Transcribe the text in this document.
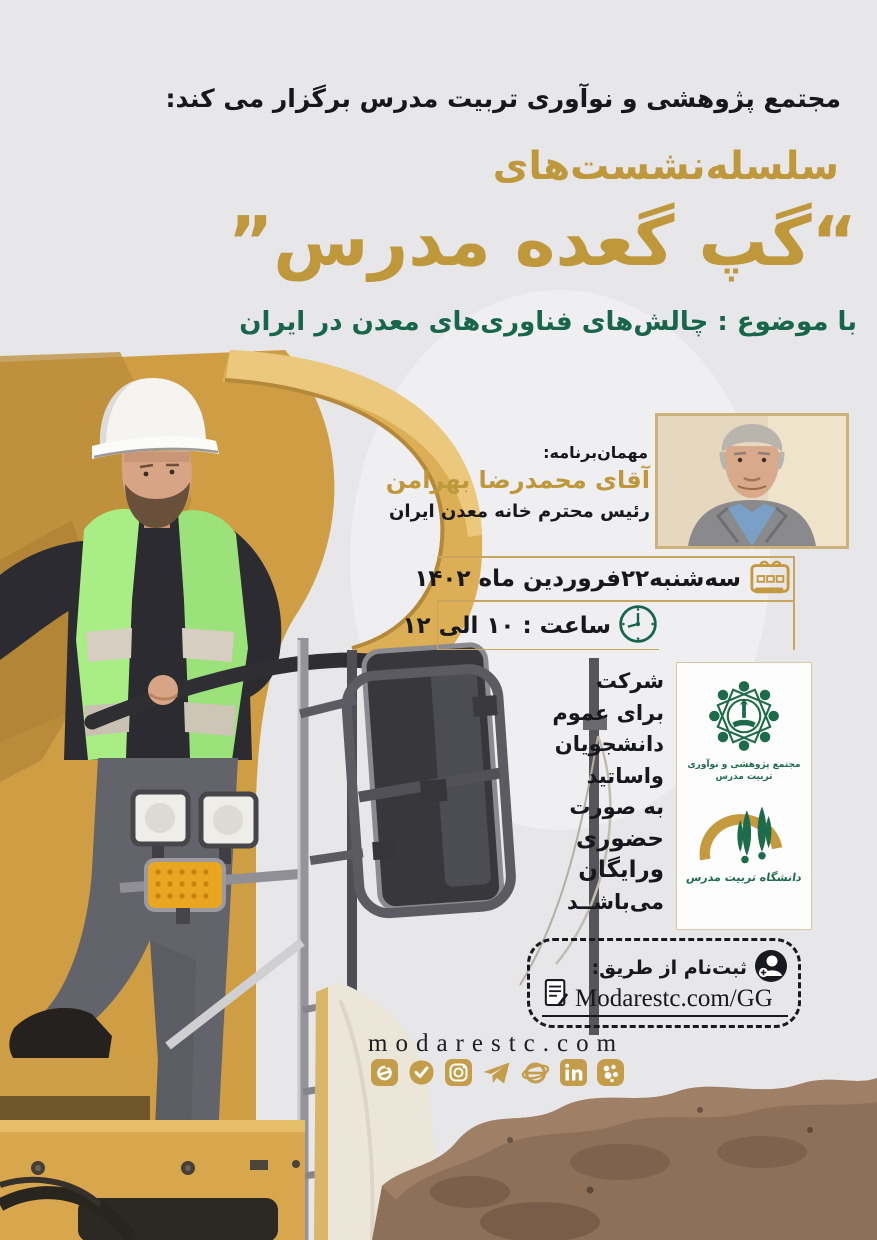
مجتمع پژوهشی و نوآوری تربیت مدرس برگزار می کند:
سلسله‌نشست‌های
“گپ گعده مدرس”
با موضوع : چالش‌های فناوری‌های معدن در ایران
مهمان‌برنامه:
آقای محمدرضا بهرامن
رئیس محترم خانه معدن ایران
سه‌شنبه۲۲فروردین ماه ۱۴۰۲
ساعت : ۱۰ الی ۱۲
شرکت
برای عموم
دانشجویان
واساتید
به صورت
حضوری
ورایگان
می‌باشــد
مجتمع پژوهشی و نوآوری
تربیت مدرس
دانشگاه تربیت مدرس
ثبت‌نام از طریق:
Modarestc.com/GG
modarestc.com
